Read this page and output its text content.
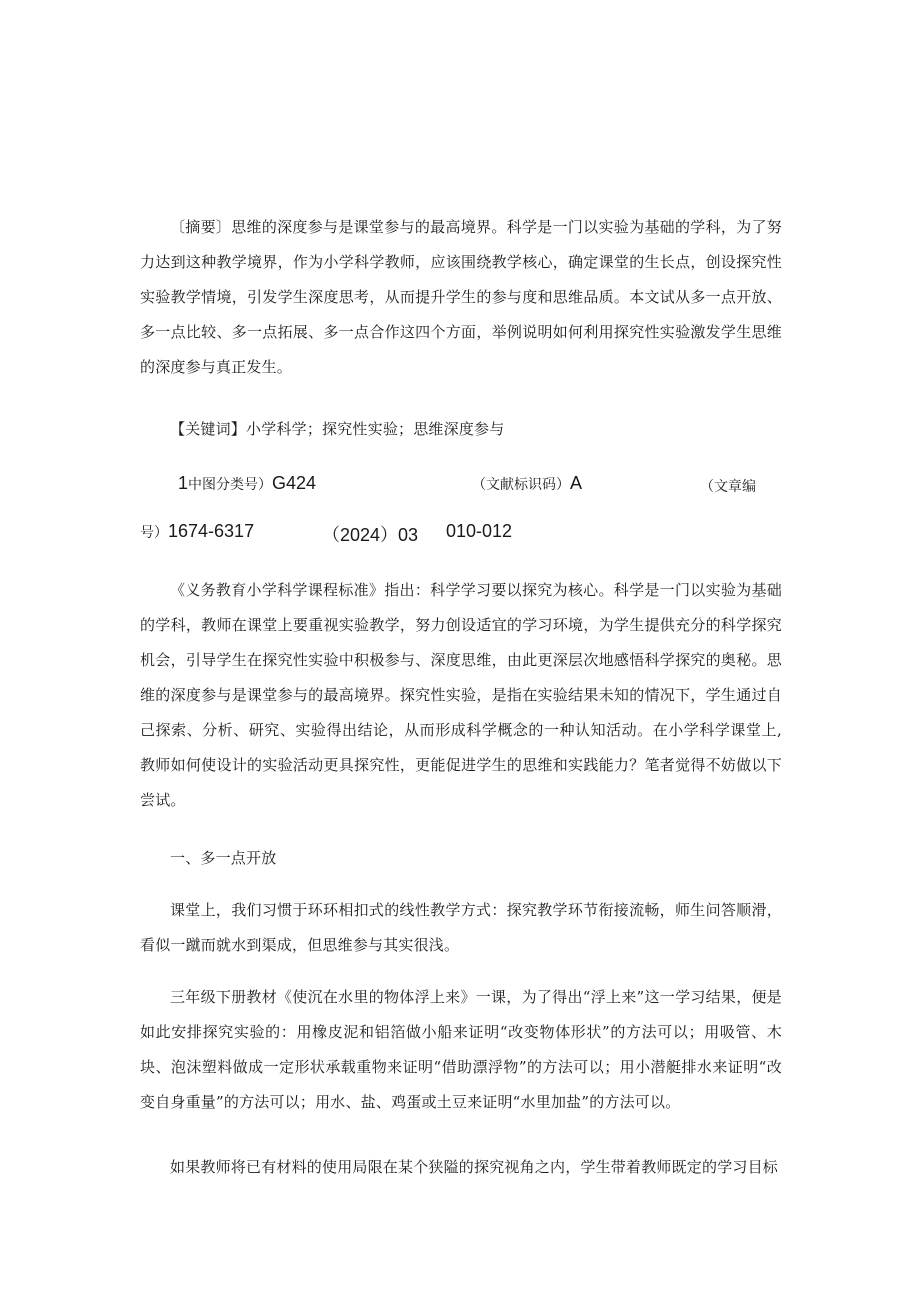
〔摘要〕思维的深度参与是课堂参与的最高境界。科学是一门以实验为基础的学科，为了努力达到这种教学境界，作为小学科学教师，应该围绕教学核心，确定课堂的生长点，创设探究性实验教学情境，引发学生深度思考，从而提升学生的参与度和思维品质。本文试从多一点开放、多一点比较、多一点拓展、多一点合作这四个方面，举例说明如何利用探究性实验激发学生思维的深度参与真正发生。

【关键词】小学科学；探究性实验；思维深度参与

1中图分类号）G424	（文献标识码）A	（文章编
号）1674-6317	（2024）03 010-012

《义务教育小学科学课程标准》指出：科学学习要以探究为核心。科学是一门以实验为基础的学科，教师在课堂上要重视实验教学，努力创设适宜的学习环境，为学生提供充分的科学探究机会，引导学生在探究性实验中积极参与、深度思维，由此更深层次地感悟科学探究的奥秘。思维的深度参与是课堂参与的最高境界。探究性实验，是指在实验结果未知的情况下，学生通过自己探索、分析、研究、实验得出结论，从而形成科学概念的一种认知活动。在小学科学课堂上,教师如何使设计的实验活动更具探究性，更能促进学生的思维和实践能力？笔者觉得不妨做以下尝试。

一、多一点开放

课堂上，我们习惯于环环相扣式的线性教学方式：探究教学环节衔接流畅，师生问答顺滑，看似一蹴而就水到渠成，但思维参与其实很浅。

三年级下册教材《使沉在水里的物体浮上来》一课，为了得出“浮上来”这一学习结果，便是如此安排探究实验的：用橡皮泥和铝箔做小船来证明“改变物体形状”的方法可以；用吸管、木块、泡沫塑料做成一定形状承载重物来证明“借助漂浮物”的方法可以；用小潜艇排水来证明“改变自身重量”的方法可以；用水、盐、鸡蛋或土豆来证明“水里加盐”的方法可以。

如果教师将已有材料的使用局限在某个狭隘的探究视角之内，学生带着教师既定的学习目标
